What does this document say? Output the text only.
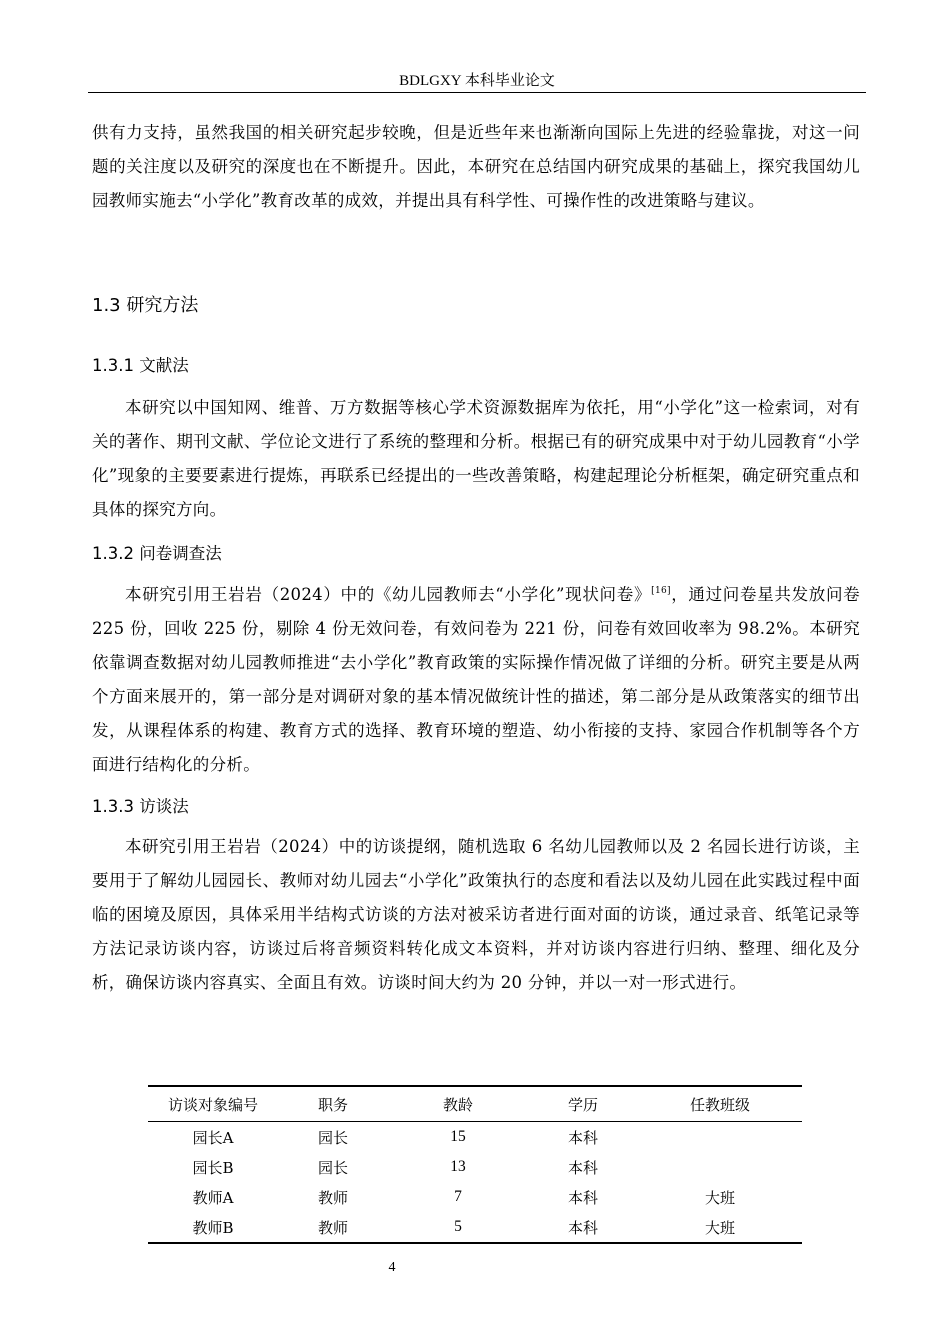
BDLGXY 本科毕业论文

供有力支持，虽然我国的相关研究起步较晚，但是近些年来也渐渐向国际上先进的经验靠拢，对这一问题的关注度以及研究的深度也在不断提升。因此，本研究在总结国内研究成果的基础上，探究我国幼儿园教师实施去“小学化”教育改革的成效，并提出具有科学性、可操作性的改进策略与建议。

1.3 研究方法
1.3.1 文献法

本研究以中国知网、维普、万方数据等核心学术资源数据库为依托，用“小学化”这一检索词，对有关的著作、期刊文献、学位论文进行了系统的整理和分析。根据已有的研究成果中对于幼儿园教育“小学化”现象的主要要素进行提炼，再联系已经提出的一些改善策略，构建起理论分析框架，确定研究重点和具体的探究方向。

1.3.2 问卷调查法

本研究引用王岩岩（2024）中的《幼儿园教师去“小学化”现状问卷》[16]，通过问卷星共发放问卷 225 份，回收 225 份，剔除 4 份无效问卷，有效问卷为 221 份，问卷有效回收率为 98.2%。本研究依靠调查数据对幼儿园教师推进“去小学化”教育政策的实际操作情况做了详细的分析。研究主要是从两个方面来展开的，第一部分是对调研对象的基本情况做统计性的描述，第二部分是从政策落实的细节出发，从课程体系的构建、教育方式的选择、教育环境的塑造、幼小衔接的支持、家园合作机制等各个方面进行结构化的分析。

1.3.3 访谈法

本研究引用王岩岩（2024）中的访谈提纲，随机选取 6 名幼儿园教师以及 2 名园长进行访谈，主要用于了解幼儿园园长、教师对幼儿园去“小学化”政策执行的态度和看法以及幼儿园在此实践过程中面临的困境及原因，具体采用半结构式访谈的方法对被采访者进行面对面的访谈，通过录音、纸笔记录等方法记录访谈内容，访谈过后将音频资料转化成文本资料，并对访谈内容进行归纳、整理、细化及分析，确保访谈内容真实、全面且有效。访谈时间大约为 20 分钟，并以一对一形式进行。

访谈对象编号	职务	教龄	学历	任教班级
园长A	园长	15	本科	
园长B	园长	13	本科	
教师A	教师	7	本科	大班
教师B	教师	5	本科	大班
4
